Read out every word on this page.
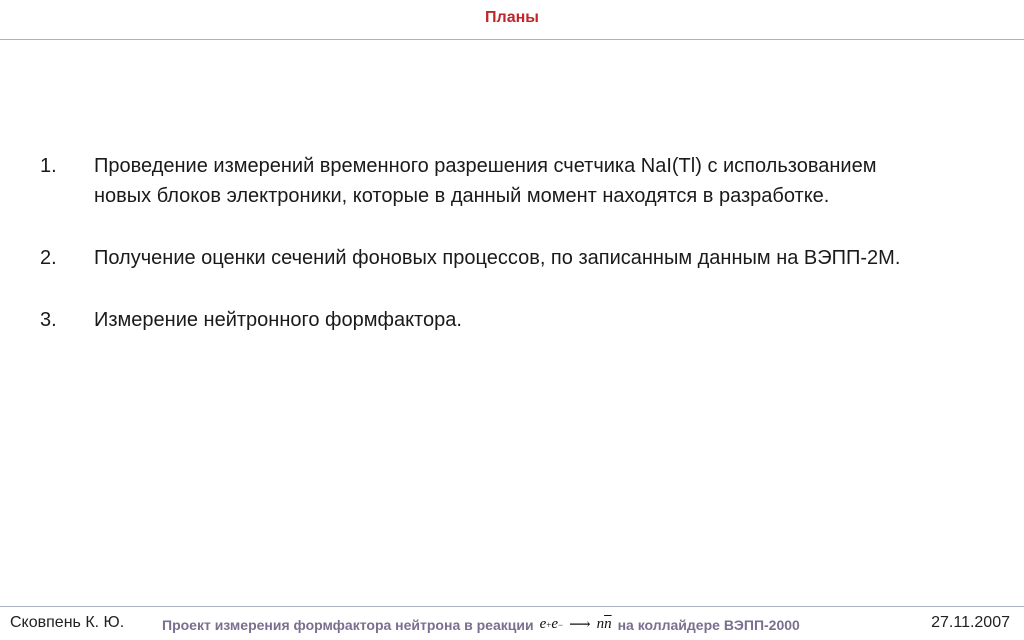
Планы
1. Проведение измерений временного разрешения счетчика NaI(Tl) с использованием новых блоков электроники, которые в данный момент находятся в разработке.
2. Получение оценки сечений фоновых процессов, по записанным данным на ВЭПП-2М.
3. Измерение нейтронного формфактора.
Сковпень К. Ю.	Проект измерения формфактора нейтрона в реакции e + e − ⟶ n $\overline{n}$ на коллайдере ВЭПП-2000	27.11.2007
